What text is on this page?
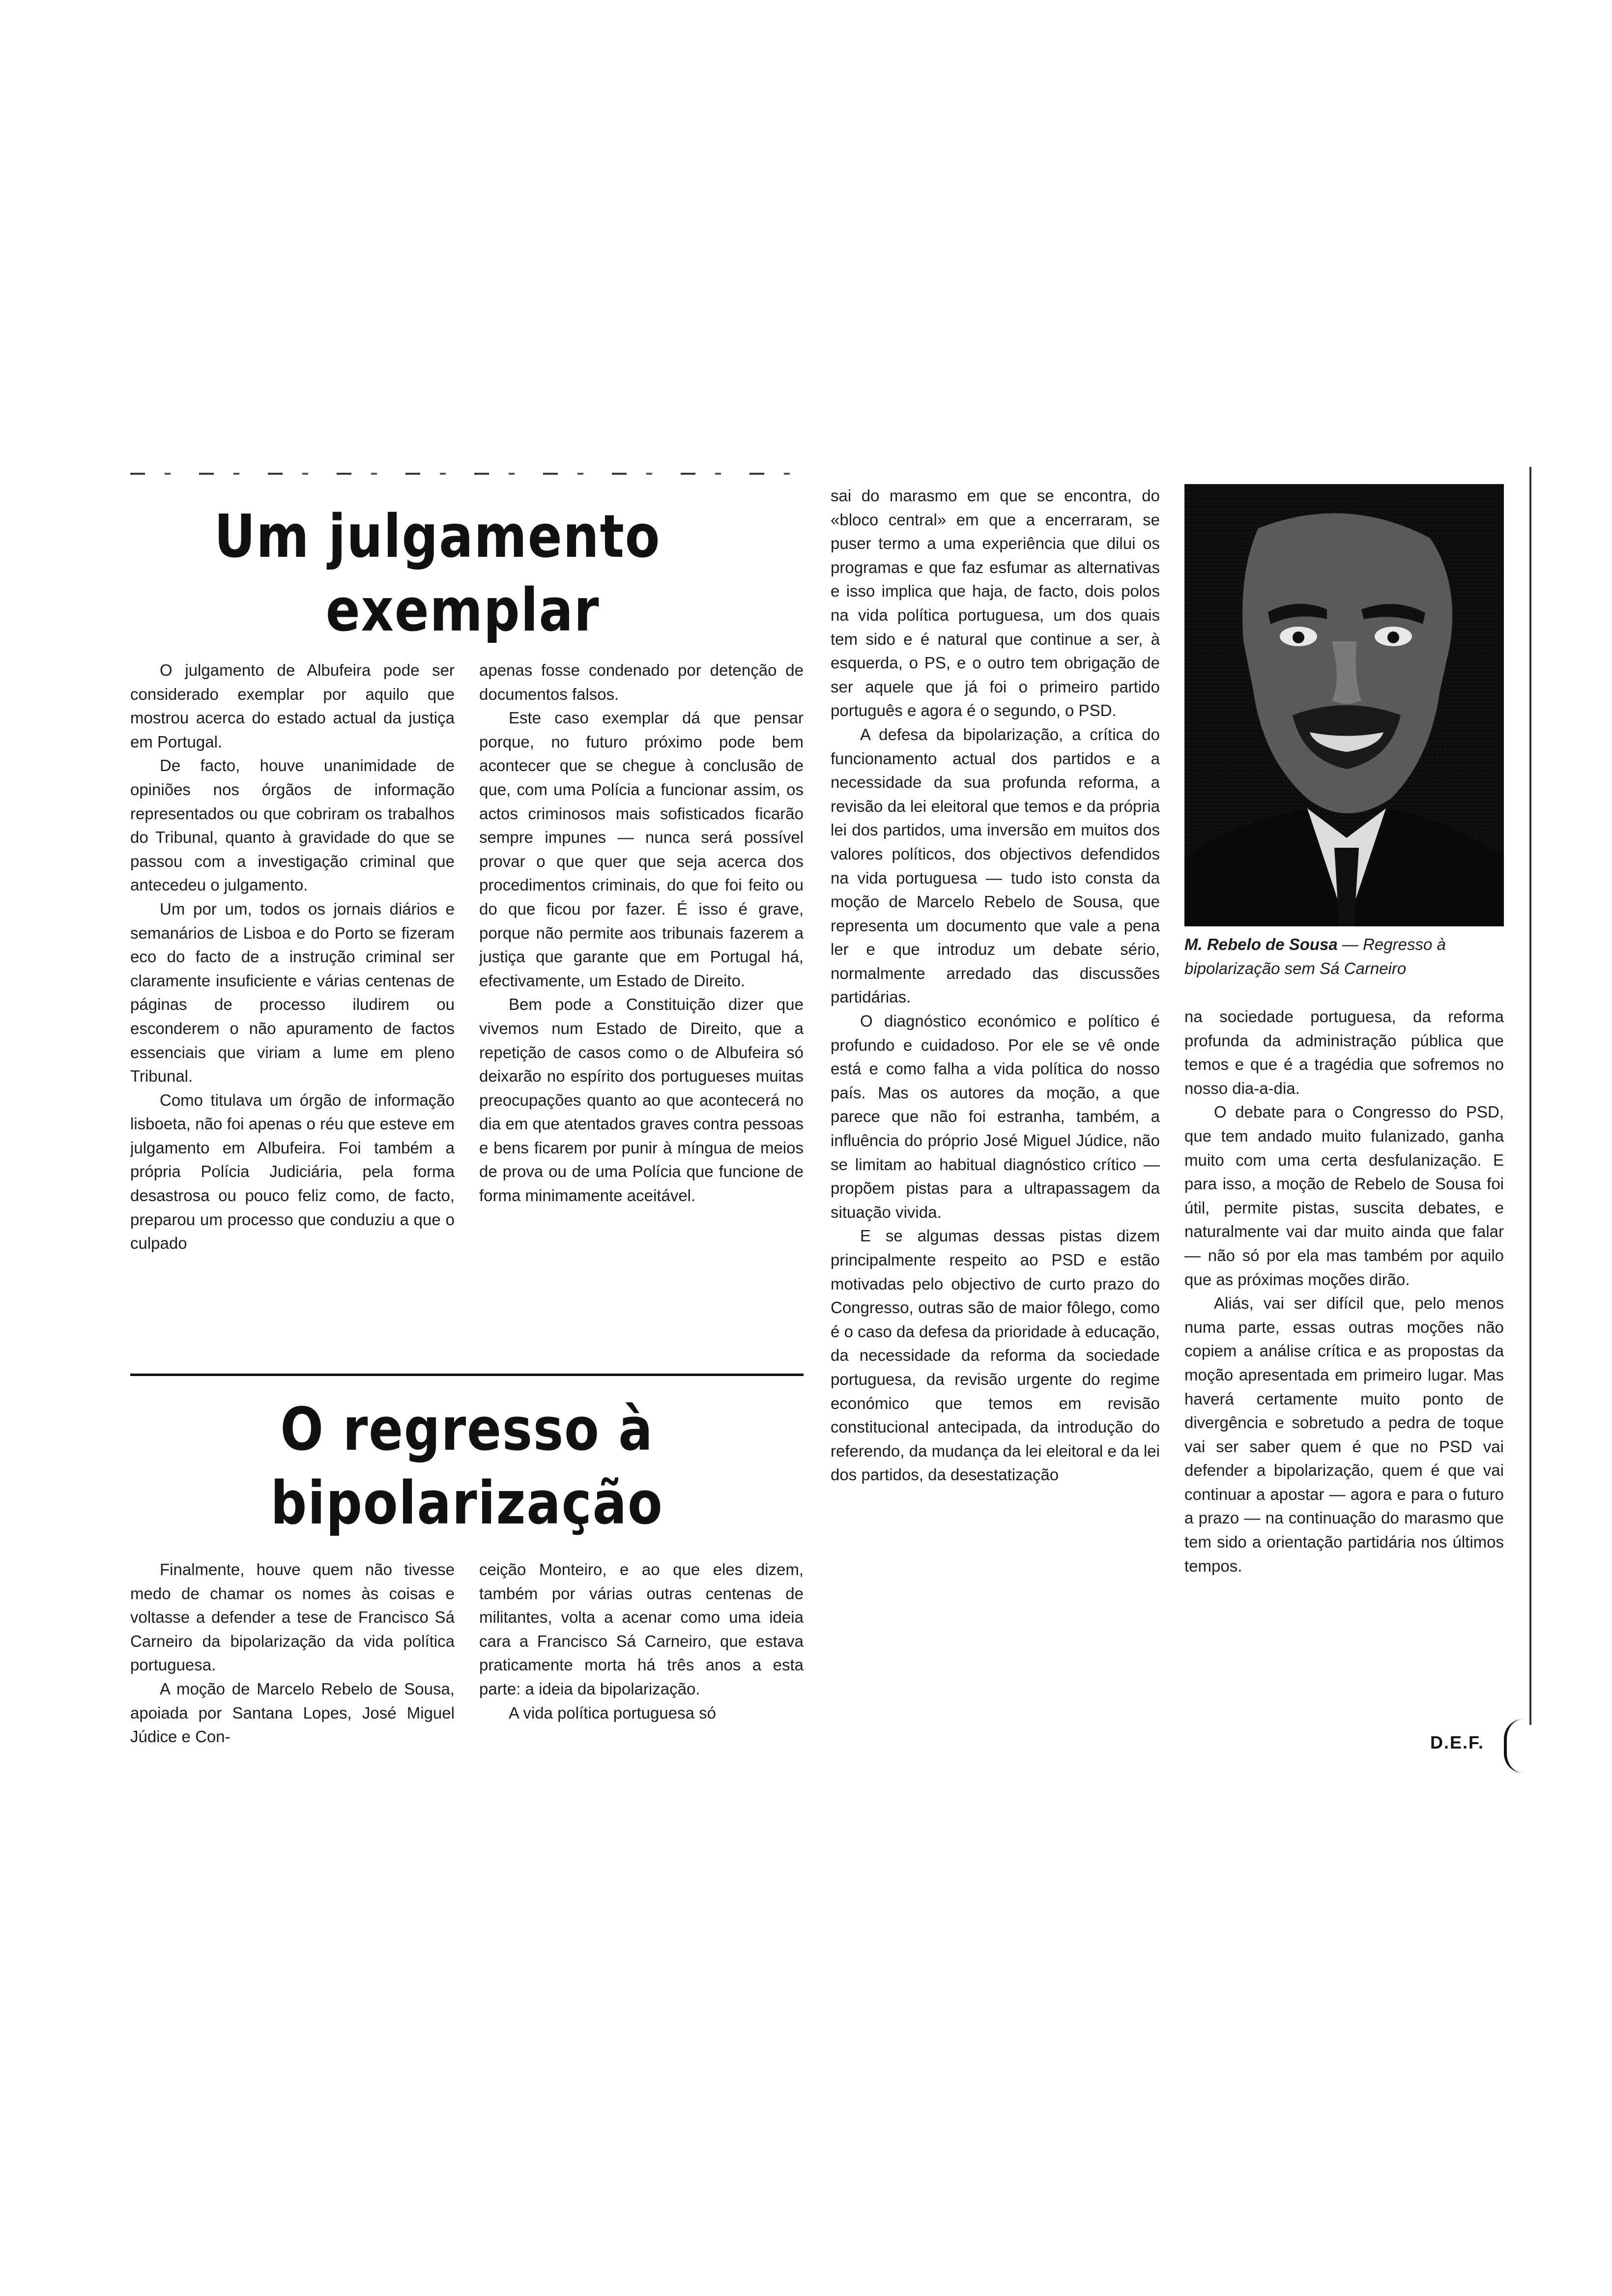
Um julgamento
exemplar

O julgamento de Albufeira pode ser considerado exemplar por aquilo que mostrou acerca do estado actual da justiça em Portugal.

De facto, houve unanimidade de opiniões nos órgãos de informação representados ou que cobriram os trabalhos do Tribunal, quanto à gravidade do que se passou com a investigação criminal que antecedeu o julgamento.

Um por um, todos os jornais diários e semanários de Lisboa e do Porto se fizeram eco do facto de a instrução criminal ser claramente insuficiente e várias centenas de páginas de processo iludirem ou esconderem o não apuramento de factos essenciais que viriam a lume em pleno Tribunal.

Como titulava um órgão de informação lisboeta, não foi apenas o réu que esteve em julgamento em Albufeira. Foi também a própria Polícia Judiciária, pela forma desastrosa ou pouco feliz como, de facto, preparou um processo que conduziu a que o culpado

apenas fosse condenado por detenção de documentos falsos.

Este caso exemplar dá que pensar porque, no futuro próximo pode bem acontecer que se chegue à conclusão de que, com uma Polícia a funcionar assim, os actos criminosos mais sofisticados ficarão sempre impunes — nunca será possível provar o que quer que seja acerca dos procedimentos criminais, do que foi feito ou do que ficou por fazer. É isso é grave, porque não permite aos tribunais fazerem a justiça que garante que em Portugal há, efectivamente, um Estado de Direito.

Bem pode a Constituição dizer que vivemos num Estado de Direito, que a repetição de casos como o de Albufeira só deixarão no espírito dos portugueses muitas preocupações quanto ao que acontecerá no dia em que atentados graves contra pessoas e bens ficarem por punir à míngua de meios de prova ou de uma Polícia que funcione de forma minimamente aceitável.

O regresso à
bipolarização

Finalmente, houve quem não tivesse medo de chamar os nomes às coisas e voltasse a defender a tese de Francisco Sá Carneiro da bipolarização da vida política portuguesa.

A moção de Marcelo Rebelo de Sousa, apoiada por Santana Lopes, José Miguel Júdice e Con-

ceição Monteiro, e ao que eles dizem, também por várias outras centenas de militantes, volta a acenar como uma ideia cara a Francisco Sá Carneiro, que estava praticamente morta há três anos a esta parte: a ideia da bipolarização.

A vida política portuguesa só

sai do marasmo em que se encontra, do «bloco central» em que a encerraram, se puser termo a uma experiência que dilui os programas e que faz esfumar as alternativas e isso implica que haja, de facto, dois polos na vida política portuguesa, um dos quais tem sido e é natural que continue a ser, à esquerda, o PS, e o outro tem obrigação de ser aquele que já foi o primeiro partido português e agora é o segundo, o PSD.

A defesa da bipolarização, a crítica do funcionamento actual dos partidos e a necessidade da sua profunda reforma, a revisão da lei eleitoral que temos e da própria lei dos partidos, uma inversão em muitos dos valores políticos, dos objectivos defendidos na vida portuguesa — tudo isto consta da moção de Marcelo Rebelo de Sousa, que representa um documento que vale a pena ler e que introduz um debate sério, normalmente arredado das discussões partidárias.

O diagnóstico económico e político é profundo e cuidadoso. Por ele se vê onde está e como falha a vida política do nosso país. Mas os autores da moção, a que parece que não foi estranha, também, a influência do próprio José Miguel Júdice, não se limitam ao habitual diagnóstico crítico — propõem pistas para a ultrapassagem da situação vivida.

E se algumas dessas pistas dizem principalmente respeito ao PSD e estão motivadas pelo objectivo de curto prazo do Congresso, outras são de maior fôlego, como é o caso da defesa da prioridade à educação, da necessidade da reforma da sociedade portuguesa, da revisão urgente do regime económico que temos em revisão constitucional antecipada, da introdução do referendo, da mudança da lei eleitoral e da lei dos partidos, da desestatização

M. Rebelo de Sousa — Regresso à bipolarização sem Sá Carneiro

na sociedade portuguesa, da reforma profunda da administração pública que temos e que é a tragédia que sofremos no nosso dia-a-dia.

O debate para o Congresso do PSD, que tem andado muito fulanizado, ganha muito com uma certa desfulanização. E para isso, a moção de Rebelo de Sousa foi útil, permite pistas, suscita debates, e naturalmente vai dar muito ainda que falar — não só por ela mas também por aquilo que as próximas moções dirão.

Aliás, vai ser difícil que, pelo menos numa parte, essas outras moções não copiem a análise crítica e as propostas da moção apresentada em primeiro lugar. Mas haverá certamente muito ponto de divergência e sobretudo a pedra de toque vai ser saber quem é que no PSD vai defender a bipolarização, quem é que vai continuar a apostar — agora e para o futuro a prazo — na continuação do marasmo que tem sido a orientação partidária nos últimos tempos.

D.E.F.
